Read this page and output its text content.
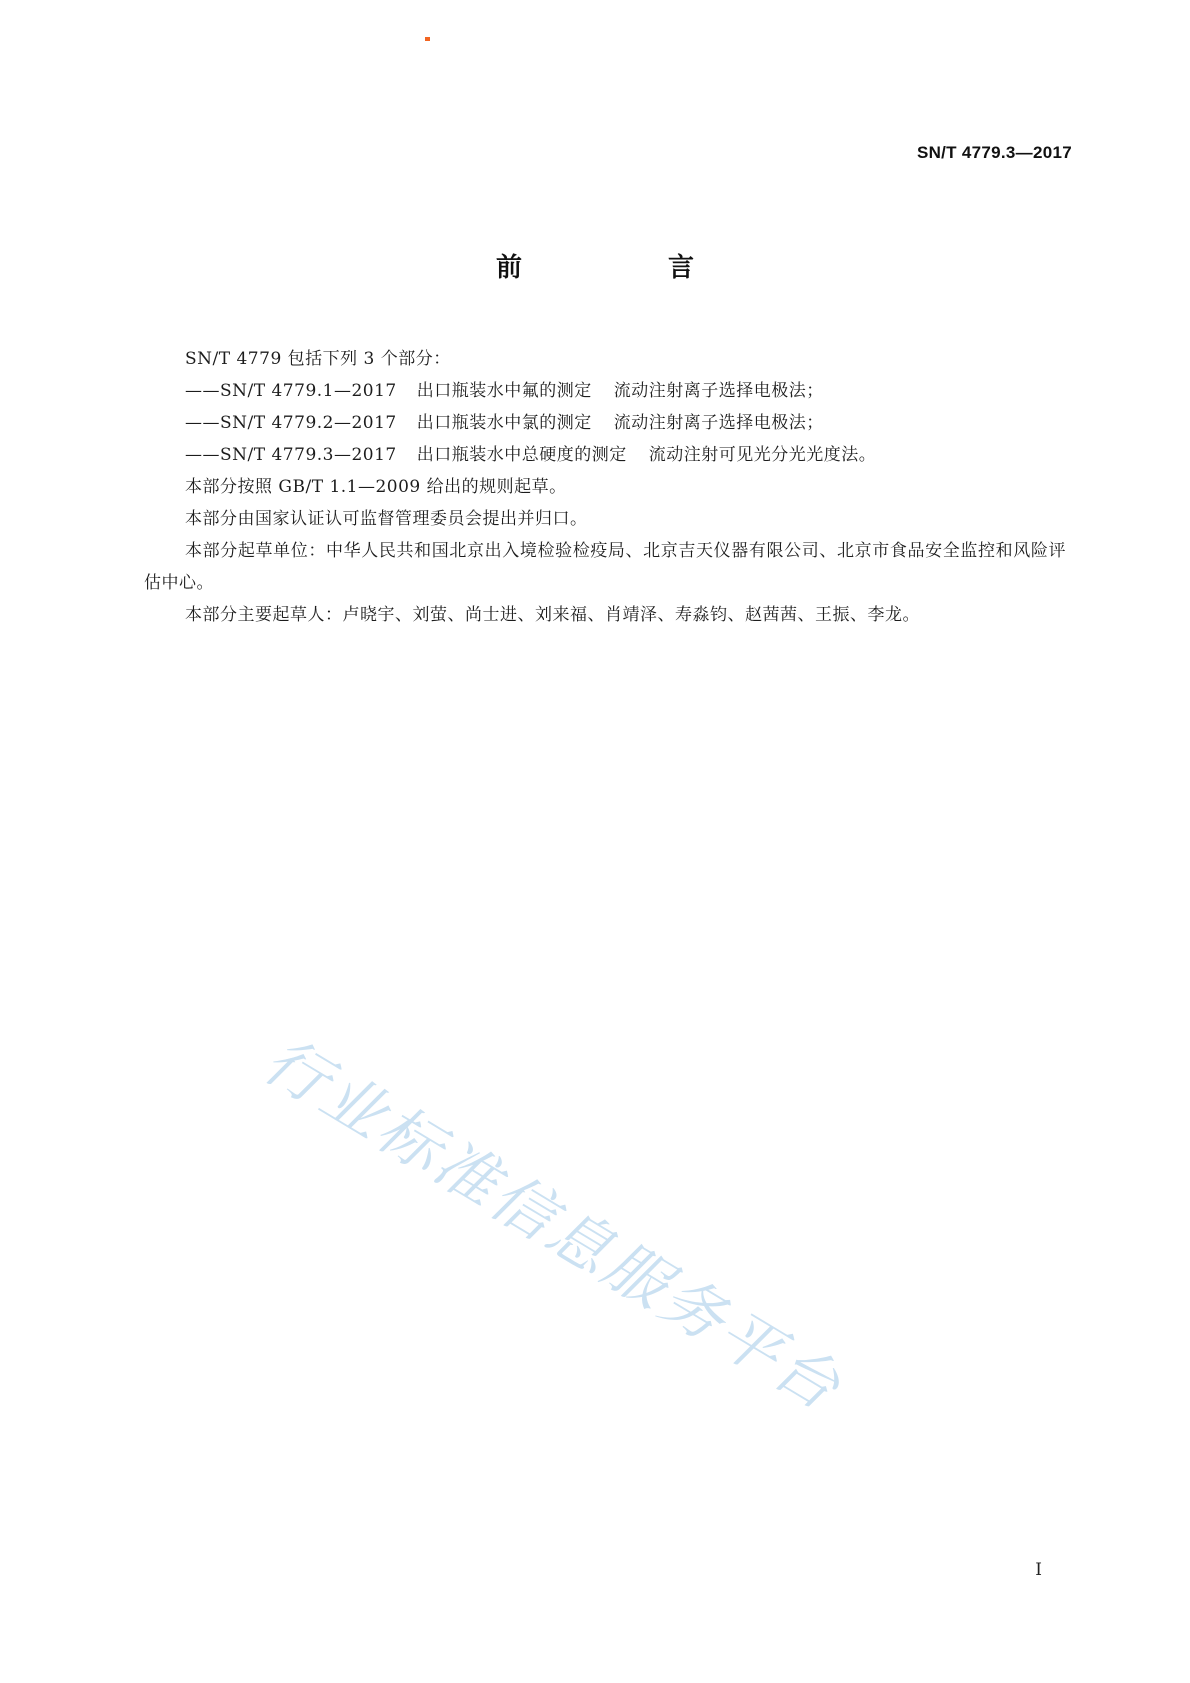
SN/T 4779.3—2017
前　言

SN/T 4779 包括下列 3 个部分：

——SN/T 4779.1—2017 出口瓶装水中氟的测定 流动注射离子选择电极法；

——SN/T 4779.2—2017 出口瓶装水中氯的测定 流动注射离子选择电极法；

——SN/T 4779.3—2017 出口瓶装水中总硬度的测定 流动注射可见光分光光度法。

本部分按照 GB/T 1.1—2009 给出的规则起草。

本部分由国家认证认可监督管理委员会提出并归口。

本部分起草单位：中华人民共和国北京出入境检验检疫局、北京吉天仪器有限公司、北京市食品安全监控和风险评估中心。

本部分主要起草人：卢晓宇、刘萤、尚士进、刘来福、肖靖泽、寿淼钧、赵茜茜、王振、李龙。

行业标准信息服务平台
I
